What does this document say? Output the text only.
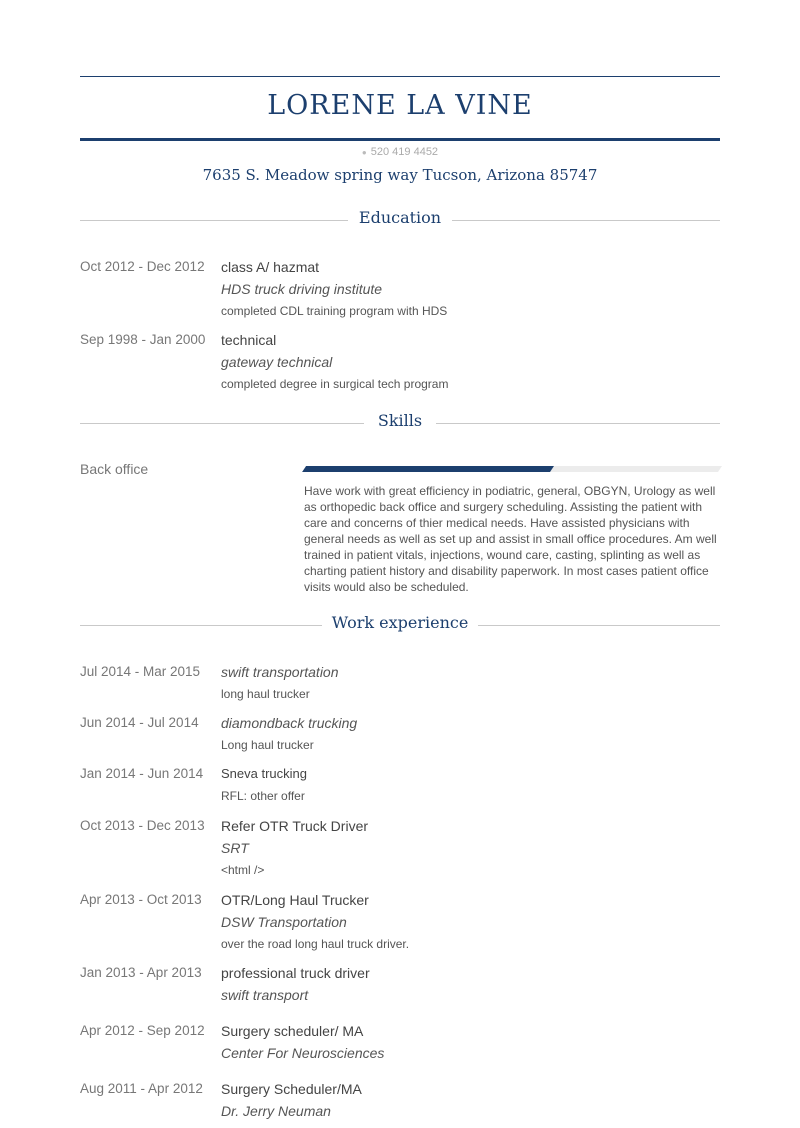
LORENE LA VINE
● 520 419 4452
7635 S. Meadow spring way Tucson, Arizona 85747
Education
Oct 2012 - Dec 2012	class A/ hazmat
HDS truck driving institute
completed CDL training program with HDS
Sep 1998 - Jan 2000	technical
gateway technical
completed degree in surgical tech program
Skills
Back office
Have work with great efficiency in podiatric, general, OBGYN, Urology as well as orthopedic back office and surgery scheduling. Assisting the patient with care and concerns of thier medical needs. Have assisted physicians with general needs as well as set up and assist in small office procedures. Am well trained in patient vitals, injections, wound care, casting, splinting as well as charting patient history and disability paperwork. In most cases patient office visits would also be scheduled.
Work experience
Jul 2014 - Mar 2015	swift transportation
long haul trucker
Jun 2014 - Jul 2014	diamondback trucking
Long haul trucker
Jan 2014 - Jun 2014	Sneva trucking
RFL: other offer
Oct 2013 - Dec 2013	Refer OTR Truck Driver
SRT
<html />
Apr 2013 - Oct 2013	OTR/Long Haul Trucker
DSW Transportation
over the road long haul truck driver.
Jan 2013 - Apr 2013	professional truck driver
swift transport
Apr 2012 - Sep 2012	Surgery scheduler/ MA
Center For Neurosciences
Aug 2011 - Apr 2012	Surgery Scheduler/MA
Dr. Jerry Neuman
